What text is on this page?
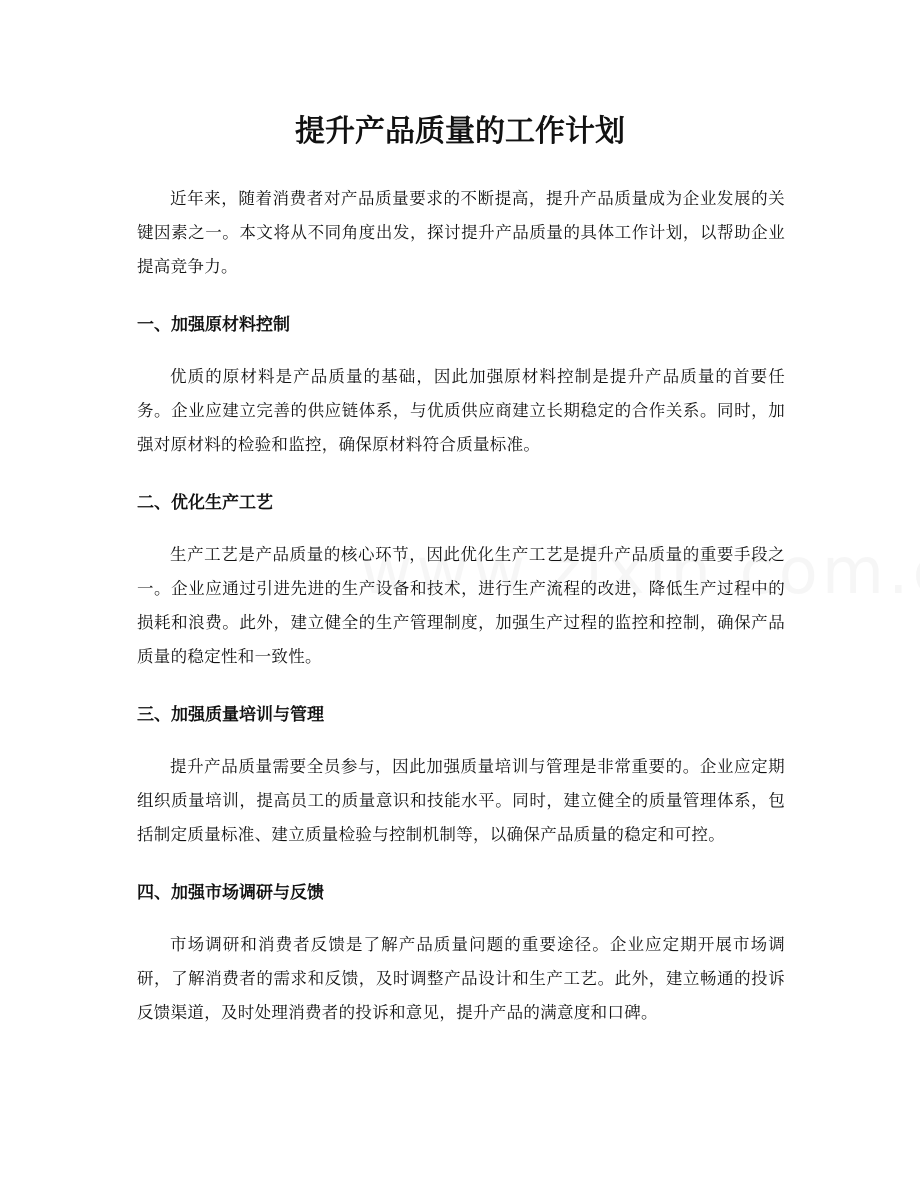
提升产品质量的工作计划

近年来，随着消费者对产品质量要求的不断提高，提升产品质量成为企业发展的关键因素之一。本文将从不同角度出发，探讨提升产品质量的具体工作计划，以帮助企业提高竞争力。

一、加强原材料控制

优质的原材料是产品质量的基础，因此加强原材料控制是提升产品质量的首要任务。企业应建立完善的供应链体系，与优质供应商建立长期稳定的合作关系。同时，加强对原材料的检验和监控，确保原材料符合质量标准。

二、优化生产工艺

生产工艺是产品质量的核心环节，因此优化生产工艺是提升产品质量的重要手段之一。企业应通过引进先进的生产设备和技术，进行生产流程的改进，降低生产过程中的损耗和浪费。此外，建立健全的生产管理制度，加强生产过程的监控和控制，确保产品质量的稳定性和一致性。

三、加强质量培训与管理

提升产品质量需要全员参与，因此加强质量培训与管理是非常重要的。企业应定期组织质量培训，提高员工的质量意识和技能水平。同时，建立健全的质量管理体系，包括制定质量标准、建立质量检验与控制机制等，以确保产品质量的稳定和可控。

四、加强市场调研与反馈

市场调研和消费者反馈是了解产品质量问题的重要途径。企业应定期开展市场调研，了解消费者的需求和反馈，及时调整产品设计和生产工艺。此外，建立畅通的投诉反馈渠道，及时处理消费者的投诉和意见，提升产品的满意度和口碑。
